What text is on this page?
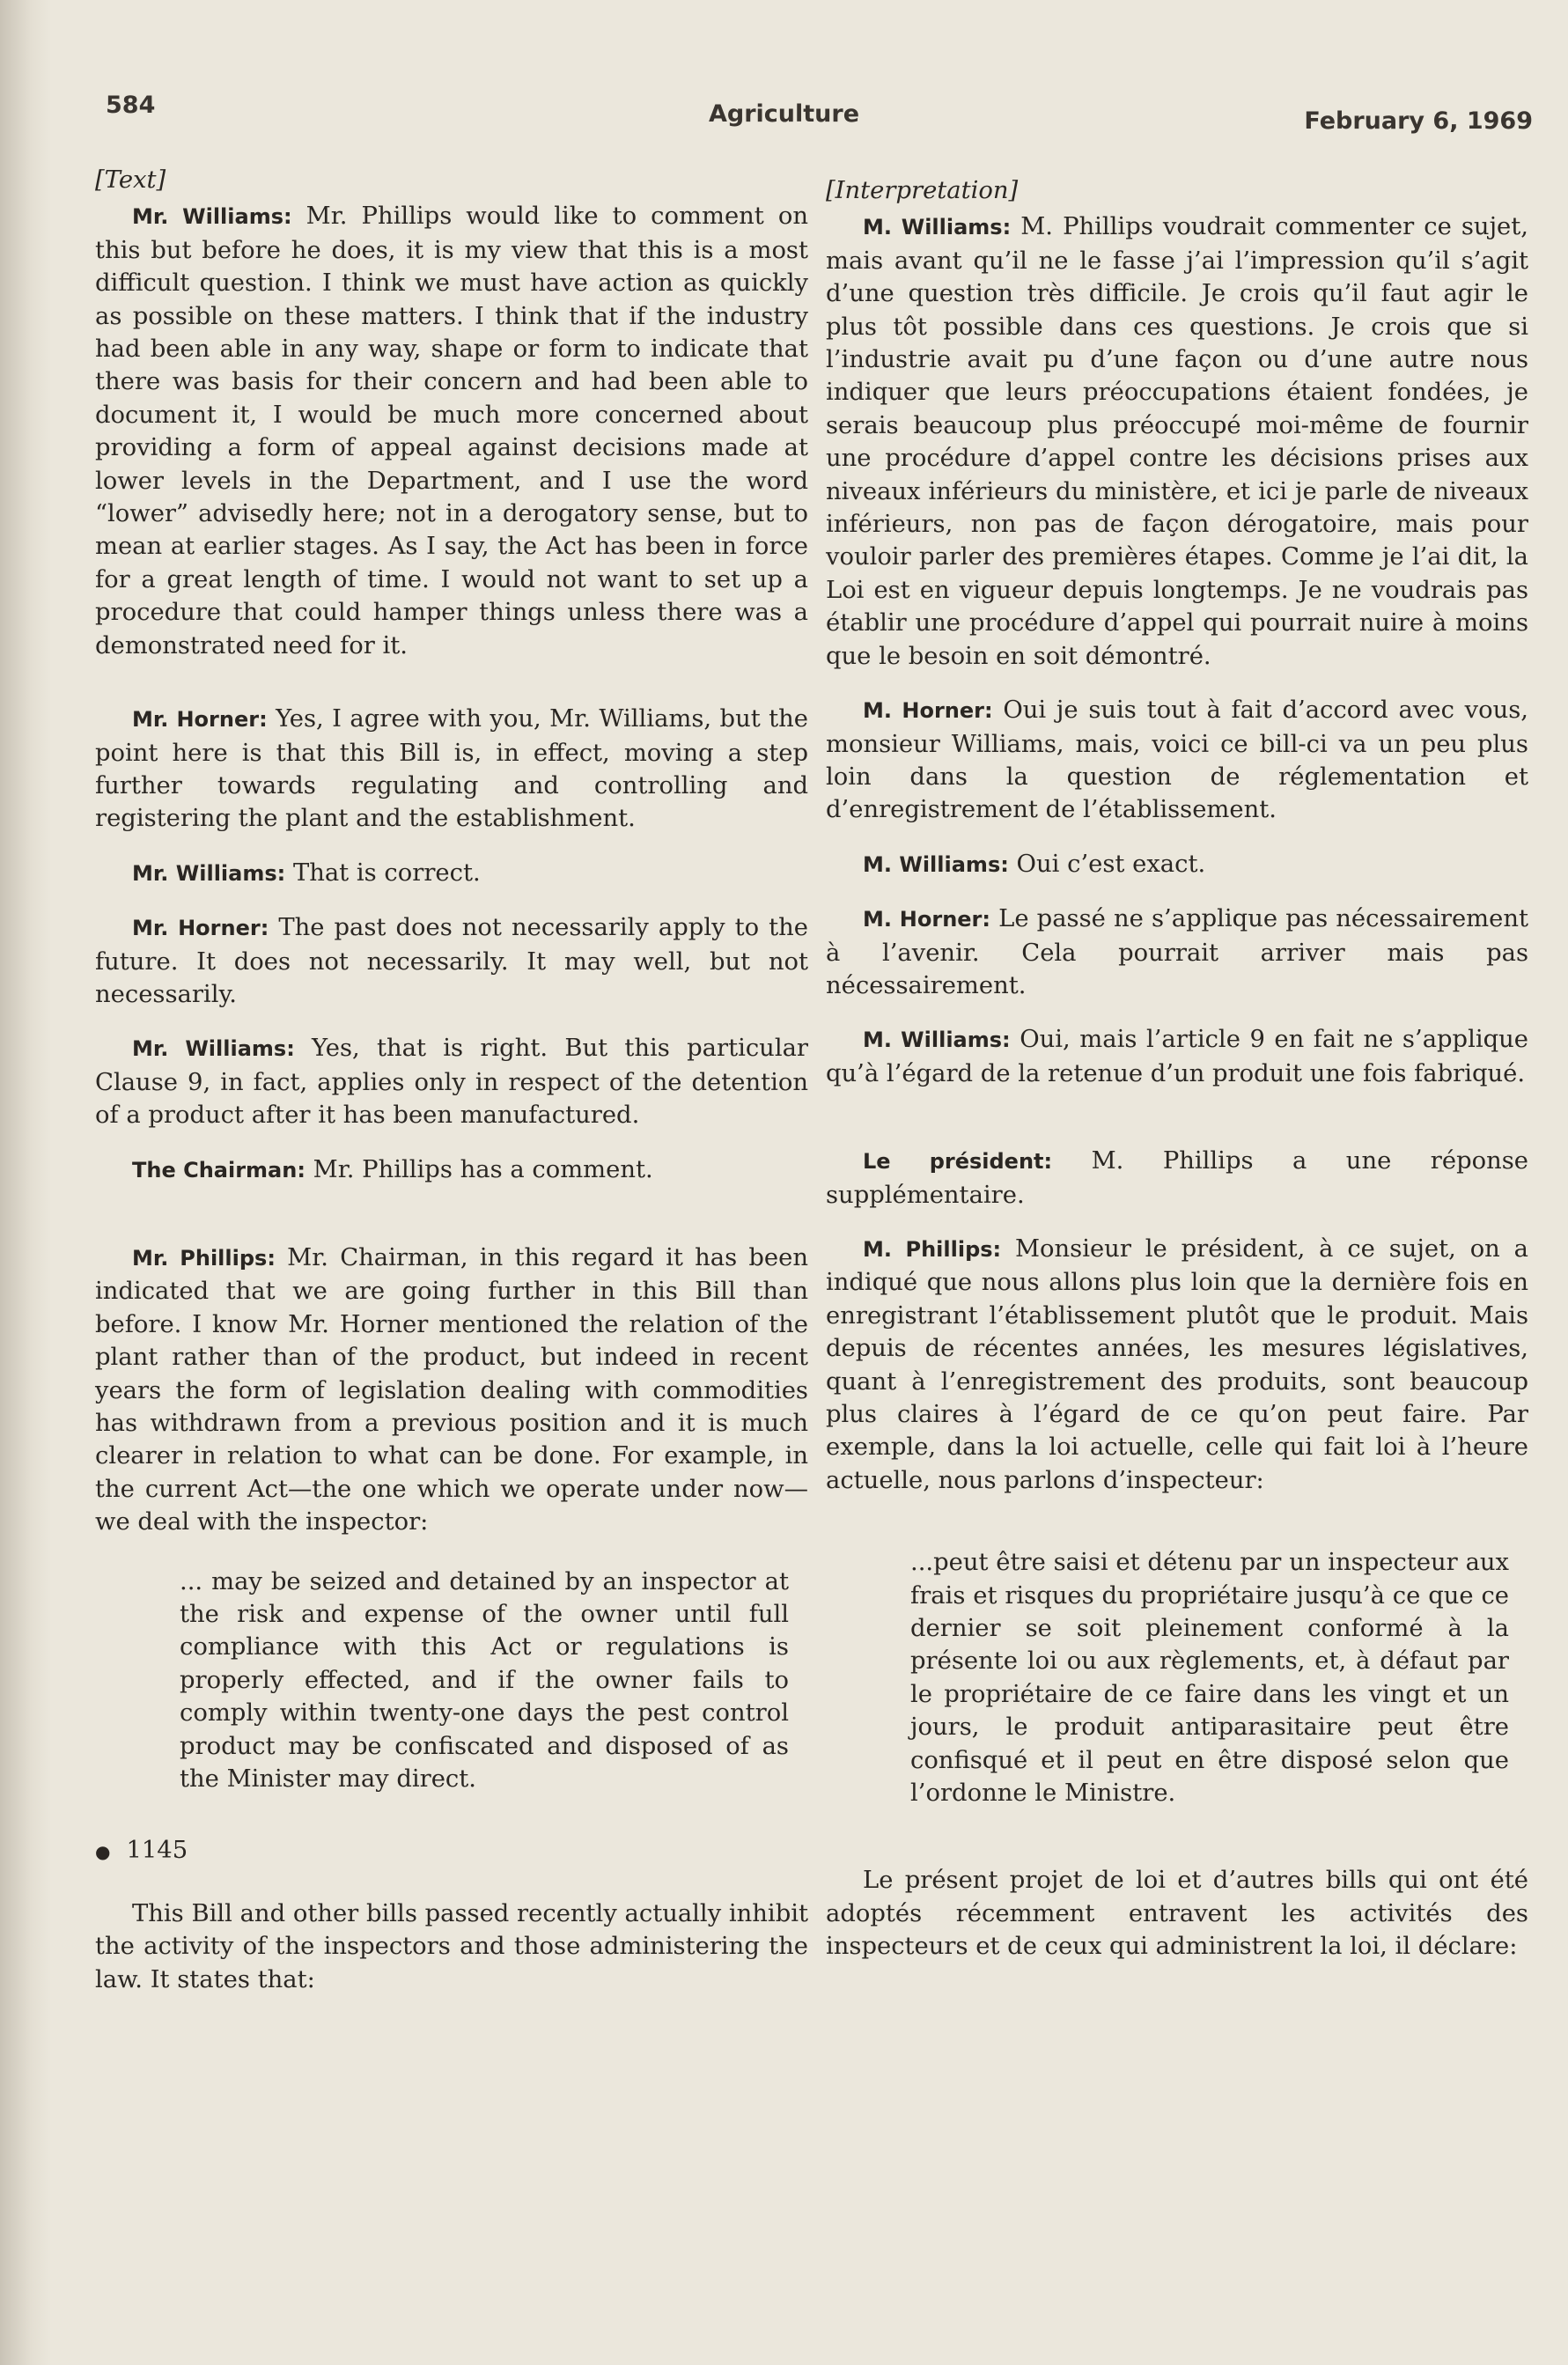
584	Agriculture	February 6, 1969

[Text]

Mr. Williams: Mr. Phillips would like to comment on this but before he does, it is my view that this is a most difficult question. I think we must have action as quickly as possible on these matters. I think that if the industry had been able in any way, shape or form to indicate that there was basis for their concern and had been able to document it, I would be much more concerned about providing a form of appeal against decisions made at lower levels in the Department, and I use the word “lower” advisedly here; not in a derogatory sense, but to mean at earlier stages. As I say, the Act has been in force for a great length of time. I would not want to set up a procedure that could hamper things unless there was a demonstrated need for it.

Mr. Horner: Yes, I agree with you, Mr. Williams, but the point here is that this Bill is, in effect, moving a step further towards regulating and controlling and registering the plant and the establishment.

Mr. Williams: That is correct.

Mr. Horner: The past does not necessarily apply to the future. It does not necessarily. It may well, but not necessarily.

Mr. Williams: Yes, that is right. But this particular Clause 9, in fact, applies only in respect of the detention of a product after it has been manufactured.

The Chairman: Mr. Phillips has a comment.

Mr. Phillips: Mr. Chairman, in this regard it has been indicated that we are going further in this Bill than before. I know Mr. Horner mentioned the relation of the plant rather than of the product, but indeed in recent years the form of legislation dealing with commodities has withdrawn from a previous position and it is much clearer in relation to what can be done. For example, in the current Act—the one which we operate under now—we deal with the inspector:

... may be seized and detained by an inspector at the risk and expense of the owner until full compliance with this Act or regulations is properly effected, and if the owner fails to comply within twenty-one days the pest control product may be confiscated and disposed of as the Minister may direct.

● 1145

This Bill and other bills passed recently actually inhibit the activity of the inspectors and those administering the law. It states that:

[Interpretation]

M. Williams: M. Phillips voudrait commenter ce sujet, mais avant qu’il ne le fasse j’ai l’impression qu’il s’agit d’une question très difficile. Je crois qu’il faut agir le plus tôt possible dans ces questions. Je crois que si l’industrie avait pu d’une façon ou d’une autre nous indiquer que leurs préoccupations étaient fondées, je serais beaucoup plus préoccupé moi-même de fournir une procédure d’appel contre les décisions prises aux niveaux inférieurs du ministère, et ici je parle de niveaux inférieurs, non pas de façon dérogatoire, mais pour vouloir parler des premières étapes. Comme je l’ai dit, la Loi est en vigueur depuis longtemps. Je ne voudrais pas établir une procédure d’appel qui pourrait nuire à moins que le besoin en soit démontré.

M. Horner: Oui je suis tout à fait d’accord avec vous, monsieur Williams, mais, voici ce bill-ci va un peu plus loin dans la question de réglementation et d’enregistrement de l’établissement.

M. Williams: Oui c’est exact.

M. Horner: Le passé ne s’applique pas nécessairement à l’avenir. Cela pourrait arriver mais pas nécessairement.

M. Williams: Oui, mais l’article 9 en fait ne s’applique qu’à l’égard de la retenue d’un produit une fois fabriqué.

Le président: M. Phillips a une réponse supplémentaire.

M. Phillips: Monsieur le président, à ce sujet, on a indiqué que nous allons plus loin que la dernière fois en enregistrant l’établissement plutôt que le produit. Mais depuis de récentes années, les mesures législatives, quant à l’enregistrement des produits, sont beaucoup plus claires à l’égard de ce qu’on peut faire. Par exemple, dans la loi actuelle, celle qui fait loi à l’heure actuelle, nous parlons d’inspecteur:

...peut être saisi et détenu par un inspecteur aux frais et risques du propriétaire jusqu’à ce que ce dernier se soit pleinement conformé à la présente loi ou aux règlements, et, à défaut par le propriétaire de ce faire dans les vingt et un jours, le produit antiparasitaire peut être confisqué et il peut en être disposé selon que l’ordonne le Ministre.

Le présent projet de loi et d’autres bills qui ont été adoptés récemment entravent les activités des inspecteurs et de ceux qui administrent la loi, il déclare:
